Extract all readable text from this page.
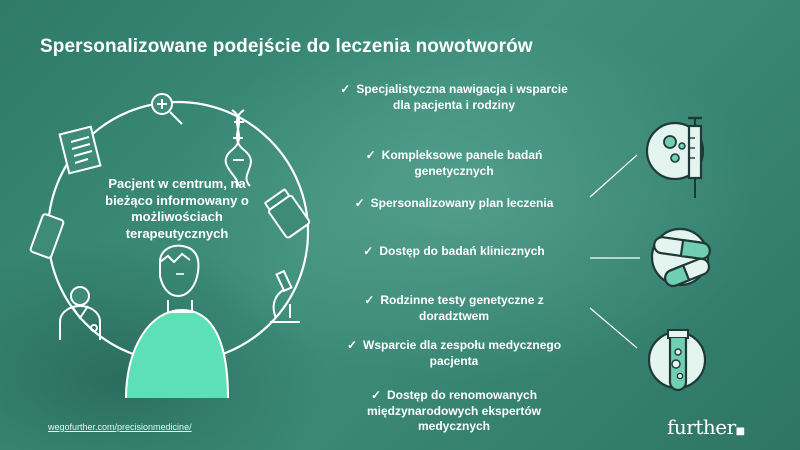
Spersonalizowane podejście do leczenia nowotworów
Pacjent w centrum, na bieżąco informowany o możliwościach terapeutycznych
✓ Specjalistyczna nawigacja i wsparcie dla pacjenta i rodziny
✓ Kompleksowe panele badań genetycznych
✓ Spersonalizowany plan leczenia
✓ Dostęp do badań klinicznych
✓ Rodzinne testy genetyczne z doradztwem
✓ Wsparcie dla zespołu medycznego pacjenta
✓ Dostęp do renomowanych międzynarodowych ekspertów medycznych
wegofurther.com/precisionmedicine/	further■
